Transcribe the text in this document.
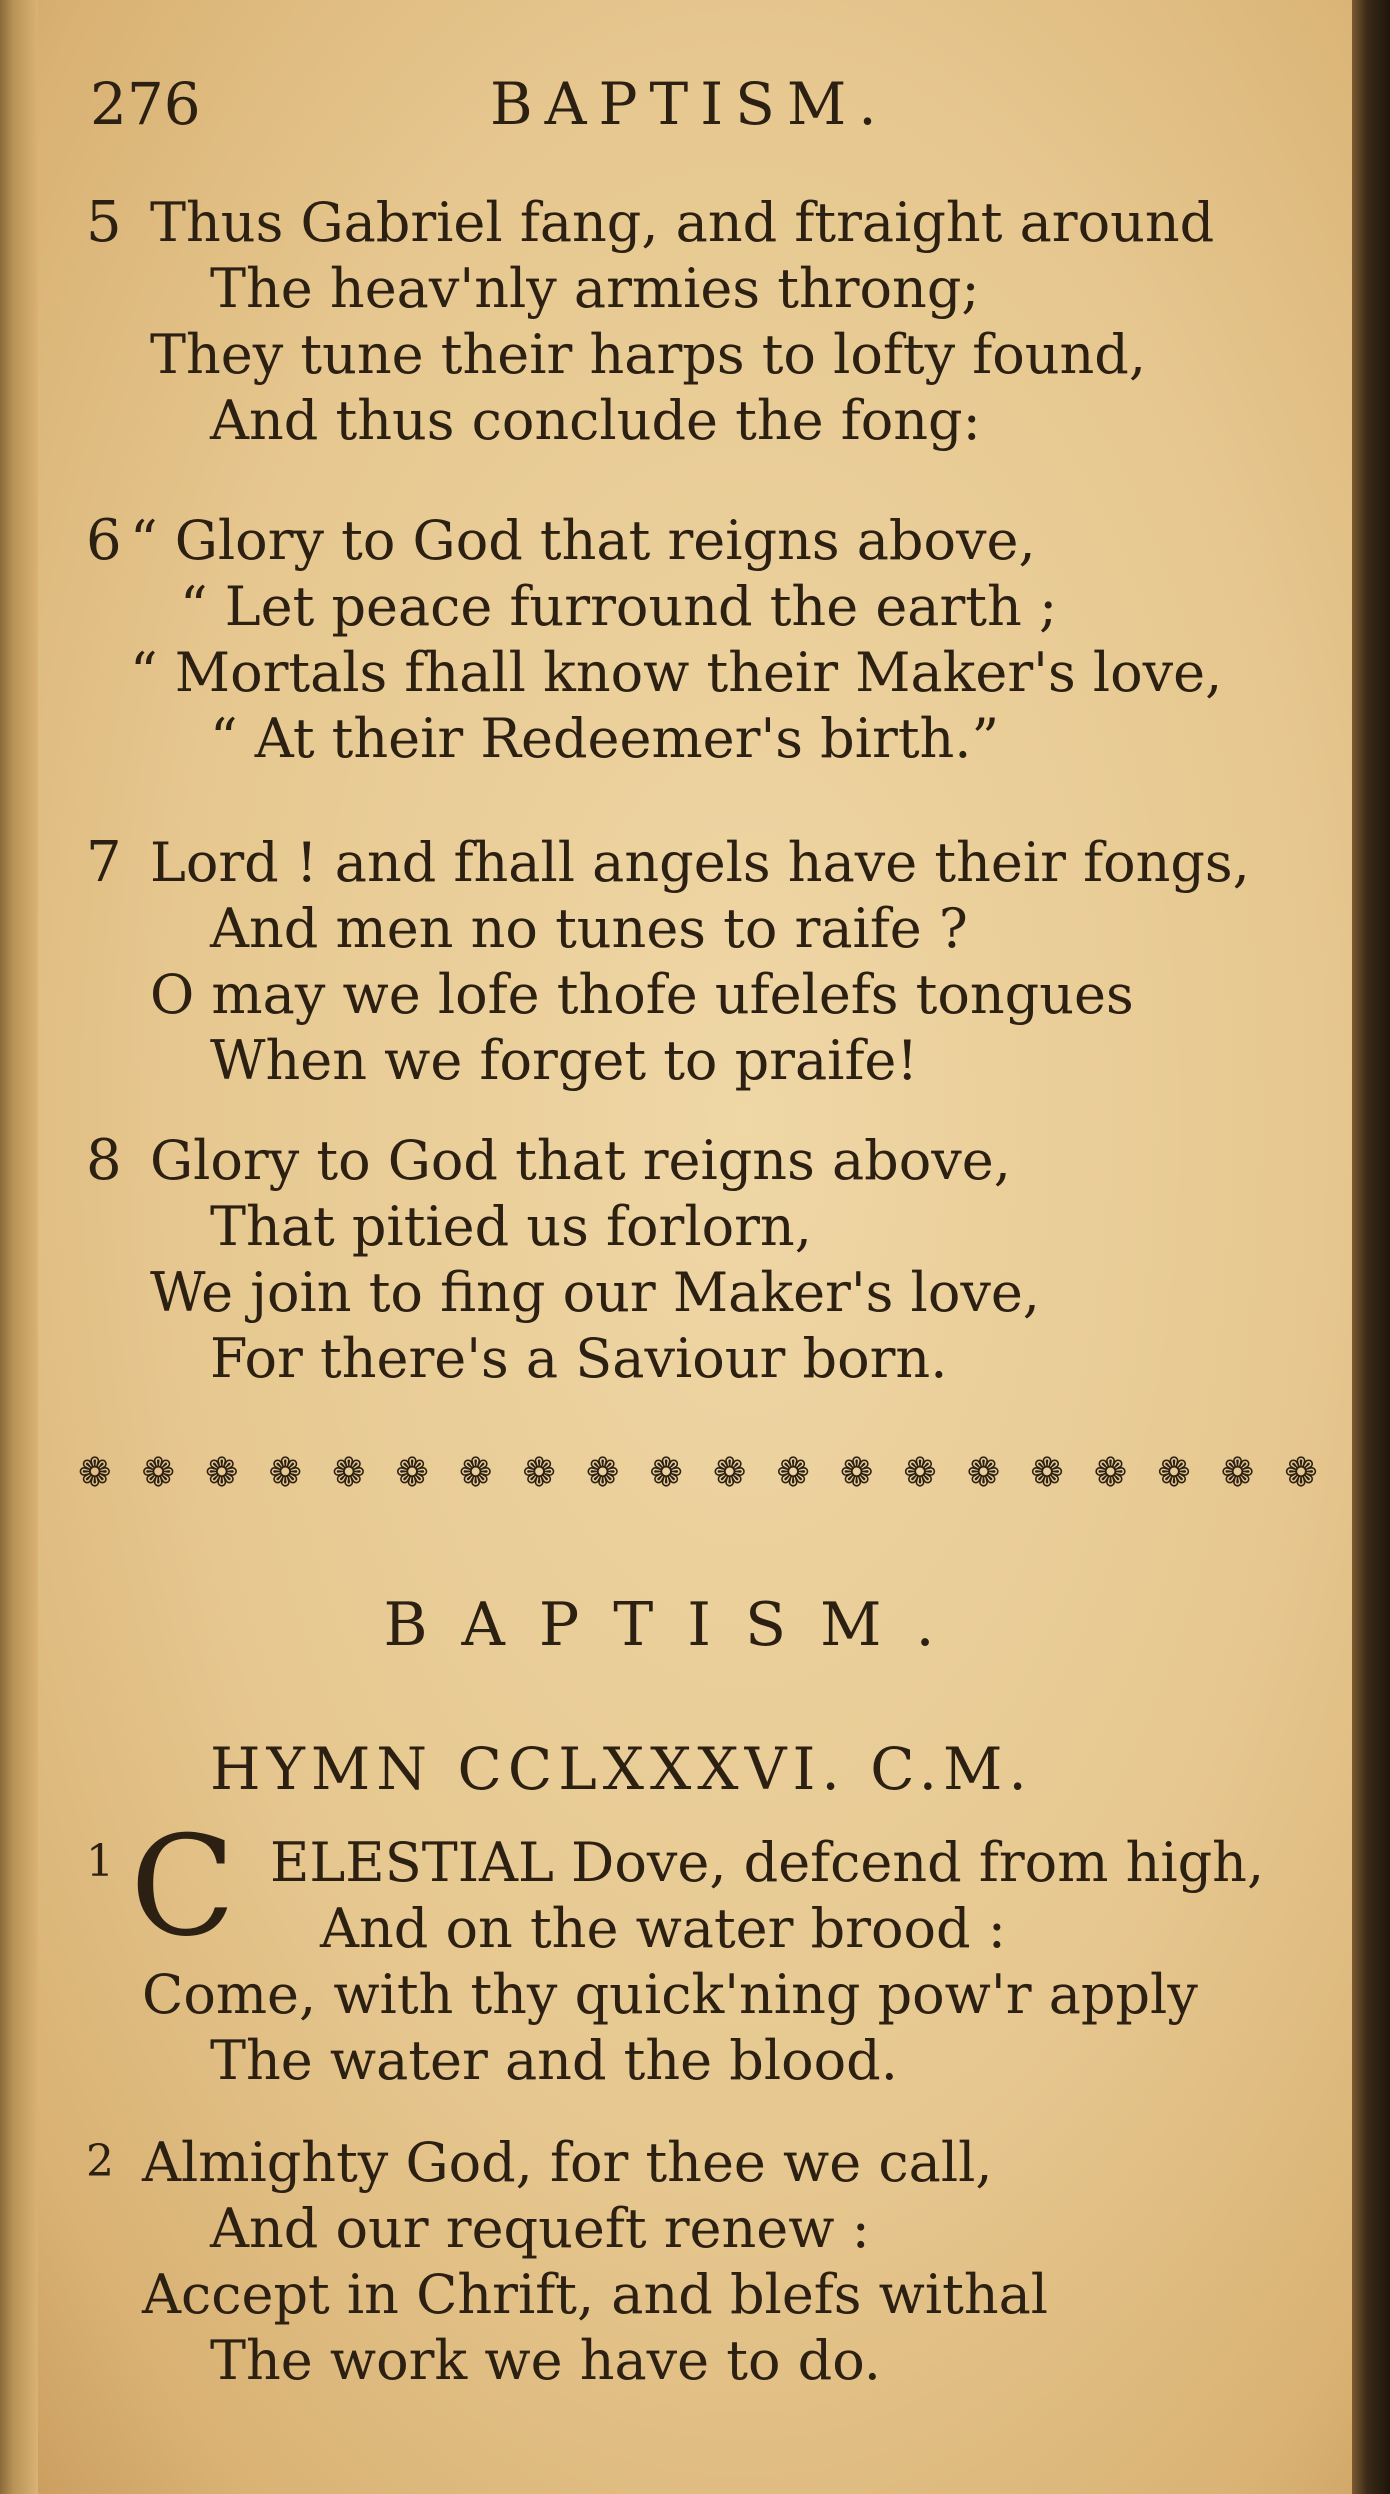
276	BAPTISM.
5 Thus Gabriel fang, and ftraight around
The heav'nly armies throng;
They tune their harps to lofty found,
And thus conclude the fong:
6 “ Glory to God that reigns above,
“ Let peace furround the earth ;
“ Mortals fhall know their Maker's love,
“ At their Redeemer's birth.”
7 Lord ! and fhall angels have their fongs,
And men no tunes to raife ?
O may we lofe thofe ufelefs tongues
When we forget to praife!
8 Glory to God that reigns above,
That pitied us forlorn,
We join to fing our Maker's love,
For there's a Saviour born.
❁ ❁ ❁ ❁ ❁ ❁ ❁ ❁ ❁ ❁ ❁ ❁ ❁ ❁ ❁ ❁ ❁ ❁ ❁ ❁
BAPTISM.
HYMN CCLXXXVI. C.M.
1	ELESTIAL Dove, defcend from high,
And on the water brood :
Come, with thy quick'ning pow'r apply
The water and the blood.
C
2 Almighty God, for thee we call,
And our requeft renew :
Accept in Chrift, and blefs withal
The work we have to do.
